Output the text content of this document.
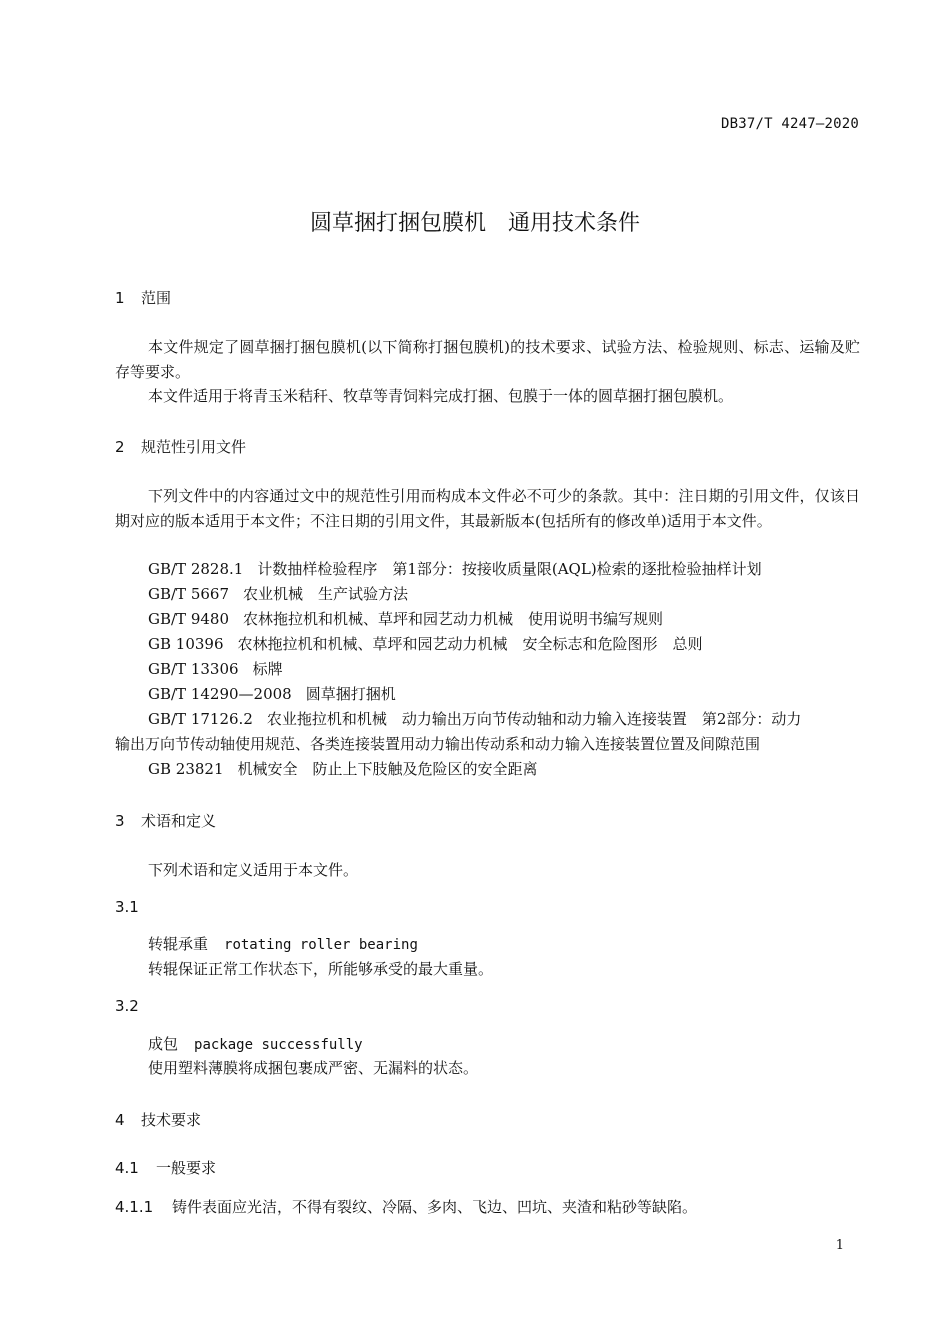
DB37/T 4247—2020
圆草捆打捆包膜机　通用技术条件
1 范围
本文件规定了圆草捆打捆包膜机(以下简称打捆包膜机)的技术要求、试验方法、检验规则、标志、运输及贮存等要求。
本文件适用于将青玉米秸秆、牧草等青饲料完成打捆、包膜于一体的圆草捆打捆包膜机。
2 规范性引用文件
下列文件中的内容通过文中的规范性引用而构成本文件必不可少的条款。其中：注日期的引用文件，仅该日期对应的版本适用于本文件；不注日期的引用文件，其最新版本(包括所有的修改单)适用于本文件。
GB/T 2828.1 计数抽样检验程序　第1部分：按接收质量限(AQL)检索的逐批检验抽样计划
GB/T 5667 农业机械　生产试验方法
GB/T 9480 农林拖拉机和机械、草坪和园艺动力机械　使用说明书编写规则
GB 10396 农林拖拉机和机械、草坪和园艺动力机械　安全标志和危险图形　总则
GB/T 13306 标牌
GB/T 14290—2008 圆草捆打捆机
GB/T 17126.2 农业拖拉机和机械　动力输出万向节传动轴和动力输入连接装置　第2部分：动力
输出万向节传动轴使用规范、各类连接装置用动力输出传动系和动力输入连接装置位置及间隙范围
GB 23821 机械安全　防止上下肢触及危险区的安全距离
3 术语和定义
下列术语和定义适用于本文件。
3.1
转辊承重 rotating roller bearing
转辊保证正常工作状态下，所能够承受的最大重量。
3.2
成包 package successfully
使用塑料薄膜将成捆包裹成严密、无漏料的状态。
4 技术要求
4.1 一般要求
4.1.1 铸件表面应光洁，不得有裂纹、冷隔、多肉、飞边、凹坑、夹渣和粘砂等缺陷。
1
